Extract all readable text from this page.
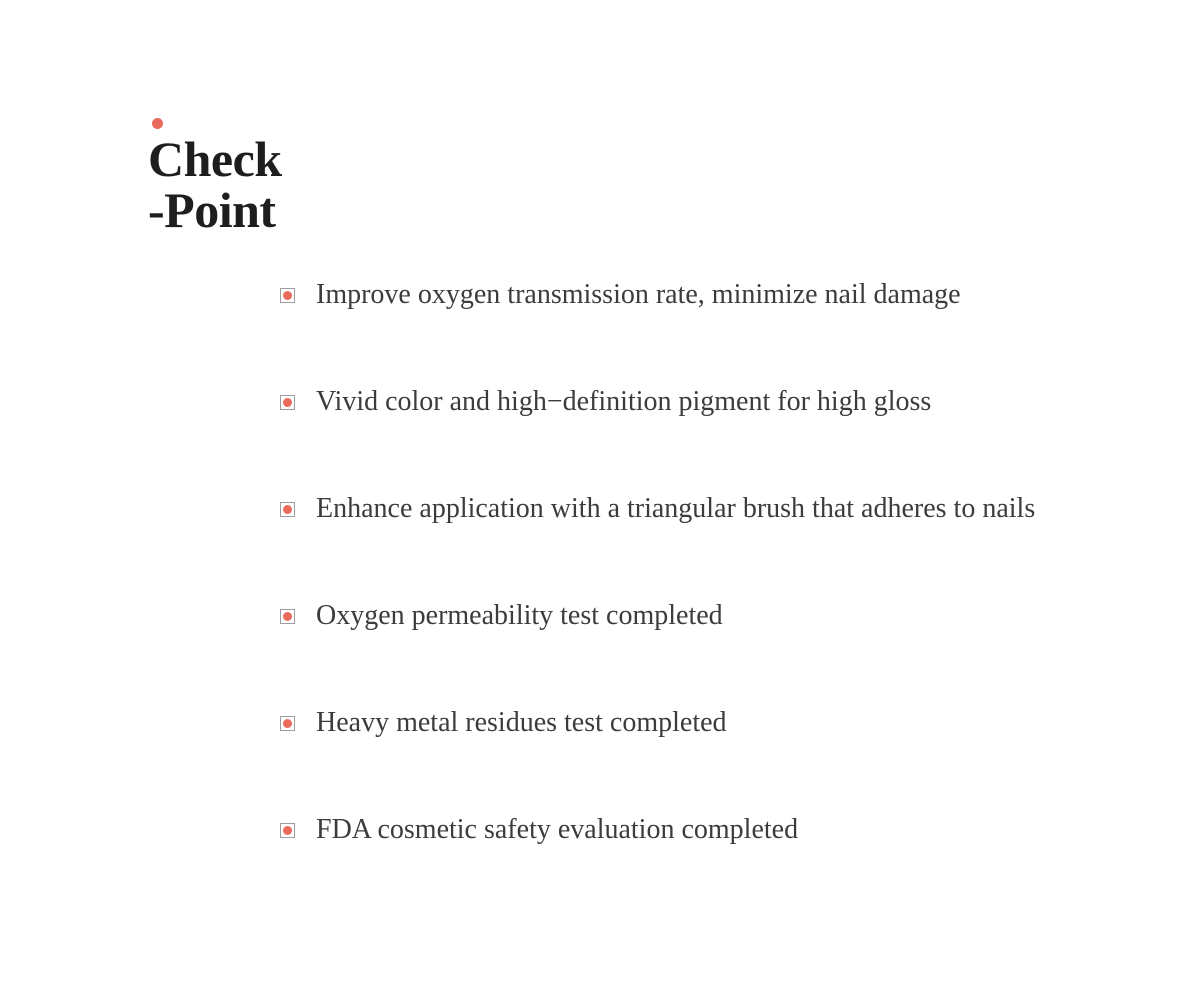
Check
-Point
Improve oxygen transmission rate, minimize nail damage
Vivid color and high−definition pigment for high gloss
Enhance application with a triangular brush that adheres to nails
Oxygen permeability test completed
Heavy metal residues test completed
FDA cosmetic safety evaluation completed
